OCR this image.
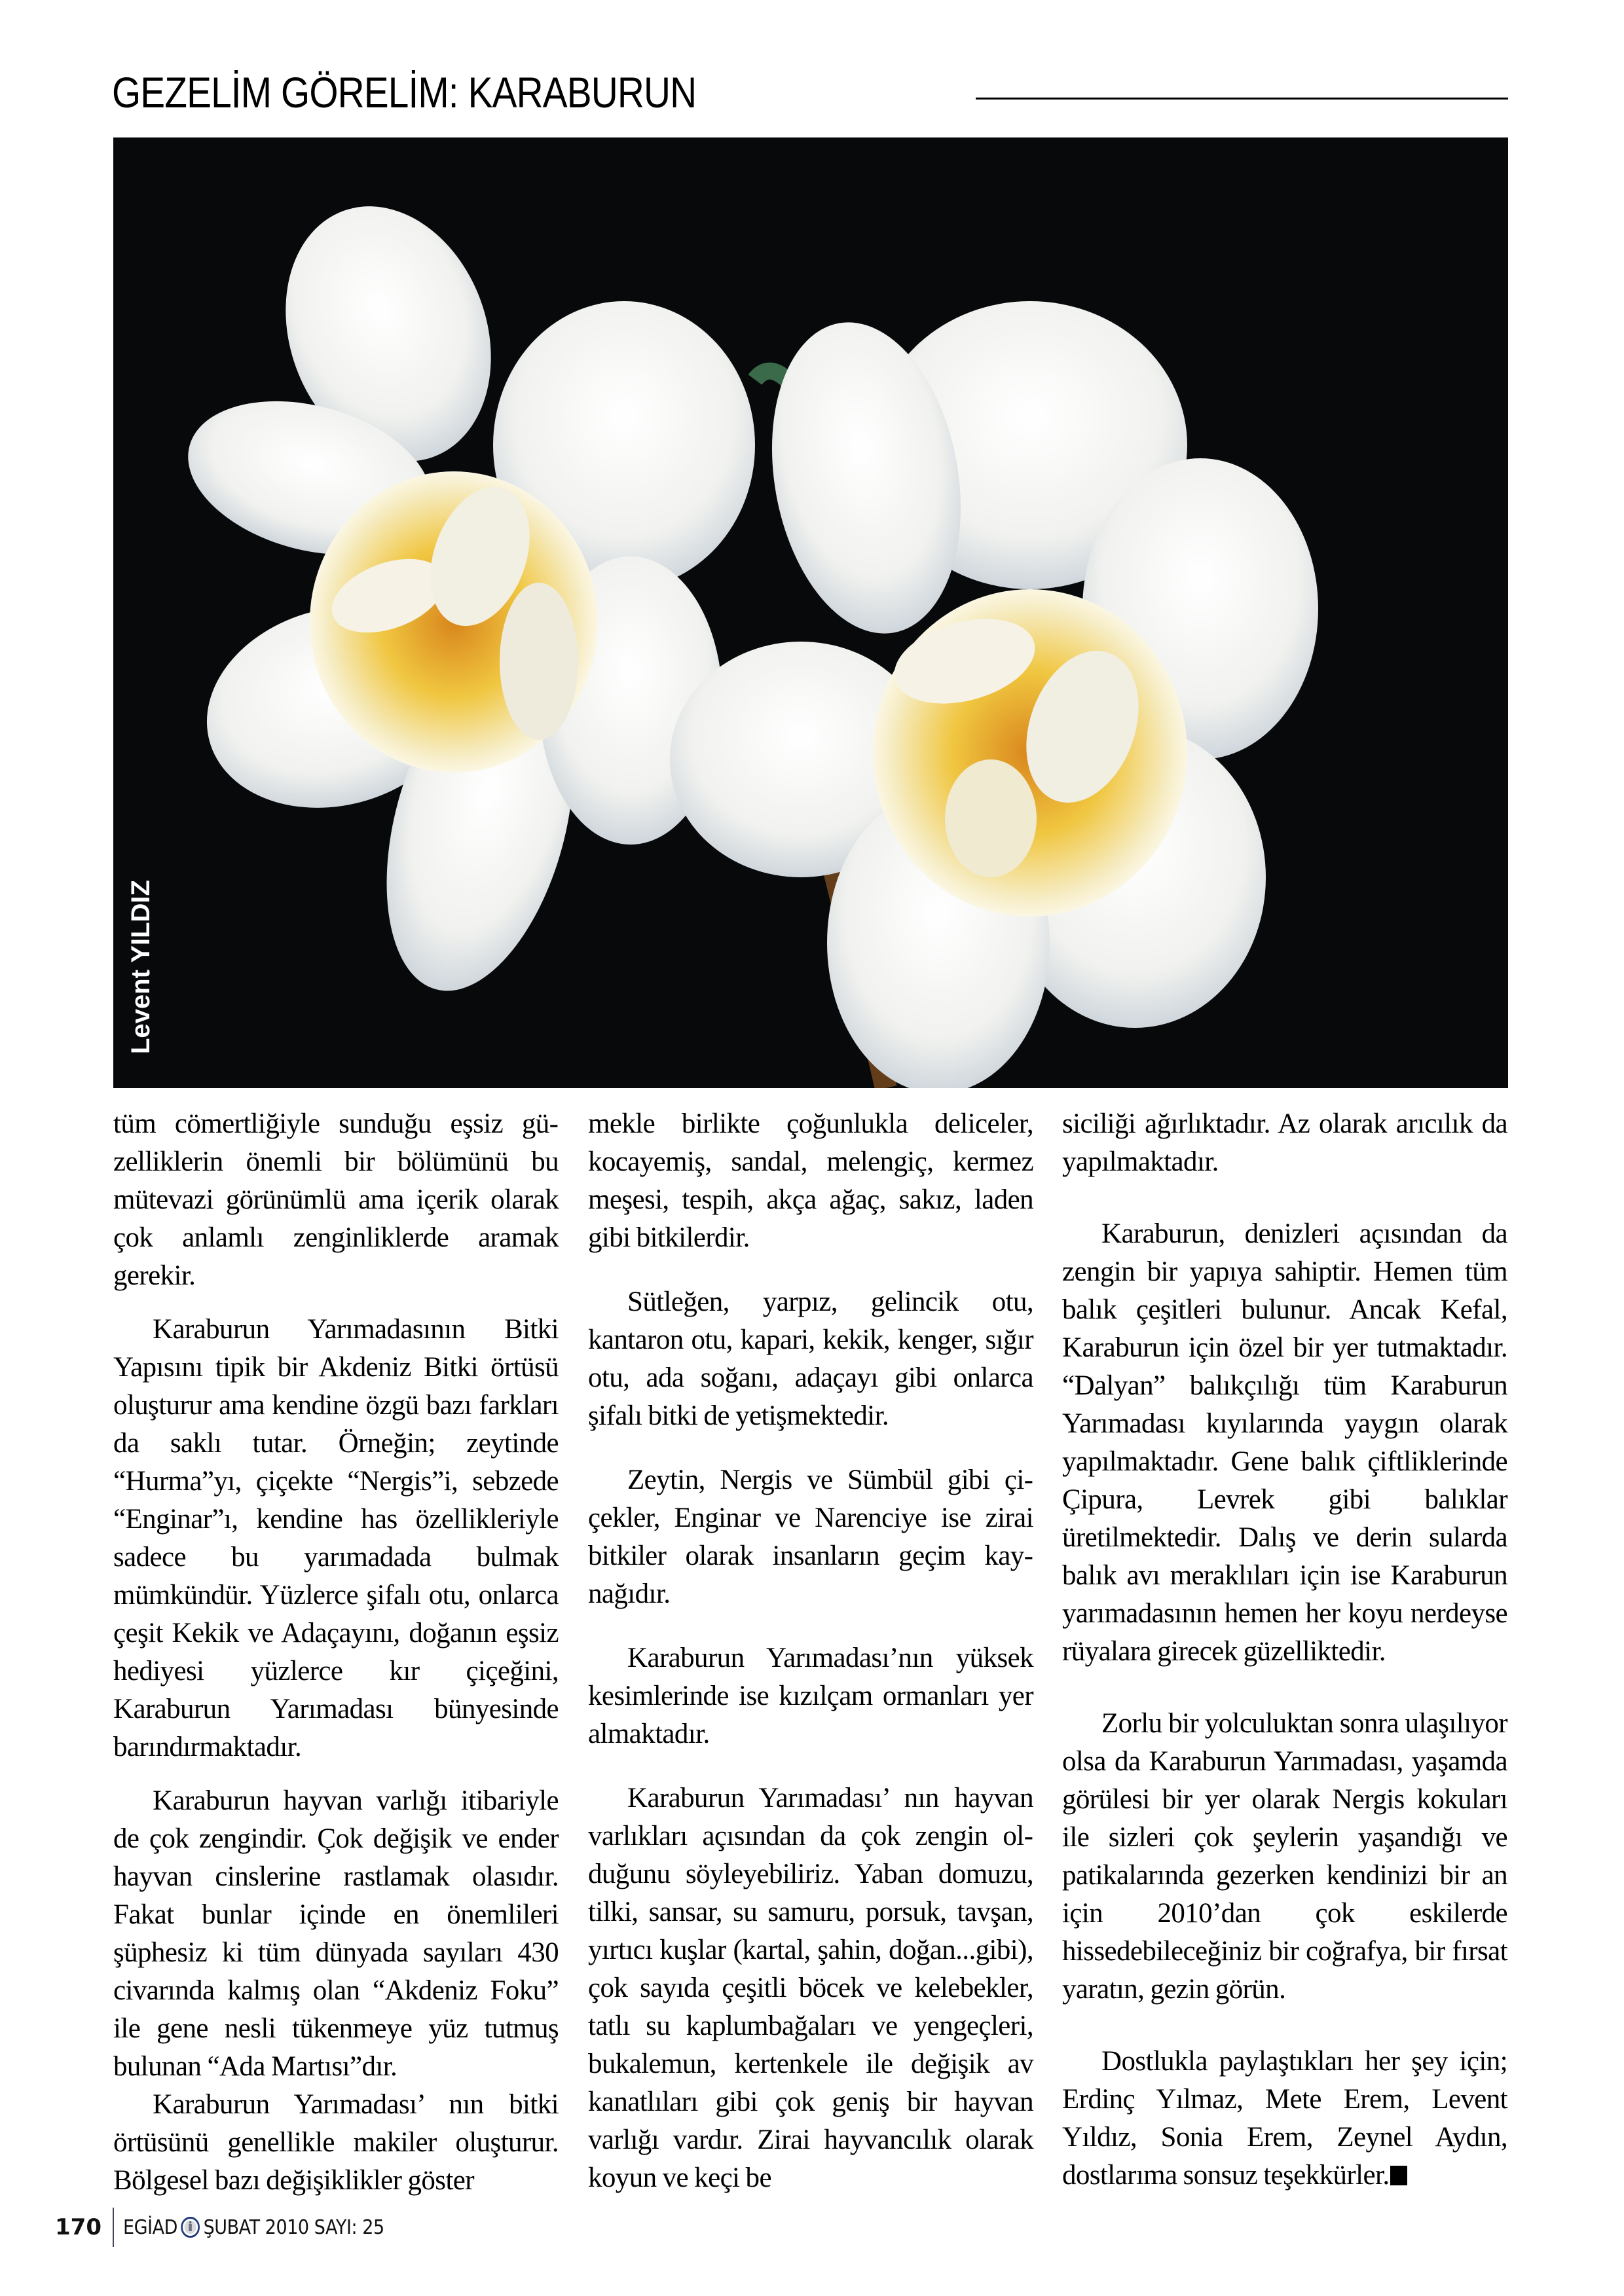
GEZELİM GÖRELİM: KARABURUN
Levent YILDIZ

tüm cömertliğiyle sunduğu eşsiz güzelliklerin önemli bir bölümünü bu mütevazi görünümlü ama içerik olarak çok anlamlı zenginliklerde aramak gerekir.

Karaburun Yarımadasının Bitki Yapısını tipik bir Akdeniz Bitki örtüsü oluşturur ama kendine özgü bazı farkları da saklı tutar. Örneğin; zeytinde “Hurma”yı, çiçekte “Nergis”i, sebzede “Enginar”ı, kendine has özellikleriyle sadece bu yarımadada bulmak mümkündür. Yüzlerce şifalı otu, onlarca çeşit Kekik ve Adaçayını, doğanın eşsiz hediyesi yüzlerce kır çiçeğini, Karaburun Yarımadası bünyesinde barındırmaktadır.

Karaburun hayvan varlığı itibariyle de çok zengindir. Çok değişik ve ender hayvan cinslerine rastlamak olasıdır. Fakat bunlar içinde en önemlileri şüphesiz ki tüm dünyada sayıları 430 civarında kalmış olan “Akdeniz Foku” ile gene nesli tükenmeye yüz tutmuş bulunan “Ada Martısı”dır.

Karaburun Yarımadası’ nın bitki örtüsünü genellikle makiler oluşturur. Bölgesel bazı değişiklikler göster

mekle birlikte çoğunlukla deliceler, kocayemiş, sandal, melengiç, kermez meşesi, tespih, akça ağaç, sakız, laden gibi bitkilerdir.

Sütleğen, yarpız, gelincik otu, kantaron otu, kapari, kekik, kenger, sığır otu, ada soğanı, adaçayı gibi onlarca şifalı bitki de yetişmektedir.

Zeytin, Nergis ve Sümbül gibi çiçekler, Enginar ve Narenciye ise zirai bitkiler olarak insanların geçim kaynağıdır.

Karaburun Yarımadası’nın yüksek kesimlerinde ise kızılçam ormanları yer almaktadır.

Karaburun Yarımadası’ nın hayvan varlıkları açısından da çok zengin olduğunu söyleyebiliriz. Yaban domuzu, tilki, sansar, su samuru, porsuk, tavşan, yırtıcı kuşlar (kartal, şahin, doğan...gibi), çok sayıda çeşitli böcek ve kelebekler, tatlı su kaplumbağaları ve yengeçleri, bukalemun, kertenkele ile değişik av kanatlıları gibi çok geniş bir hayvan varlığı vardır. Zirai hayvancılık olarak koyun ve keçi be

siciliği ağırlıktadır. Az olarak arıcılık da yapılmaktadır.

Karaburun, denizleri açısından da zengin bir yapıya sahiptir. Hemen tüm balık çeşitleri bulunur. Ancak Kefal, Karaburun için özel bir yer tutmaktadır. “Dalyan” balıkçılığı tüm Karaburun Yarımadası kıyılarında yaygın olarak yapılmaktadır. Gene balık çiftliklerinde Çipura, Levrek gibi balıklar üretilmektedir. Dalış ve derin sularda balık avı meraklıları için ise Karaburun yarımadasının hemen her koyu nerdeyse rüyalara girecek güzelliktedir.

Zorlu bir yolculuktan sonra ulaşılıyor olsa da Karaburun Yarımadası, yaşamda görülesi bir yer olarak Nergis kokuları ile sizleri çok şeylerin yaşandığı ve patikalarında gezerken kendinizi bir an için 2010’dan çok eskilerde hissedebileceğiniz bir coğrafya, bir fırsat yaratın, gezin görün.

Dostlukla paylaştıkları her şey için; Erdinç Yılmaz, Mete Erem, Levent Yıldız, Sonia Erem, Zeynel Aydın, dostlarıma sonsuz teşekkürler.

170	EGİAD ŞUBAT 2010 SAYI: 25
